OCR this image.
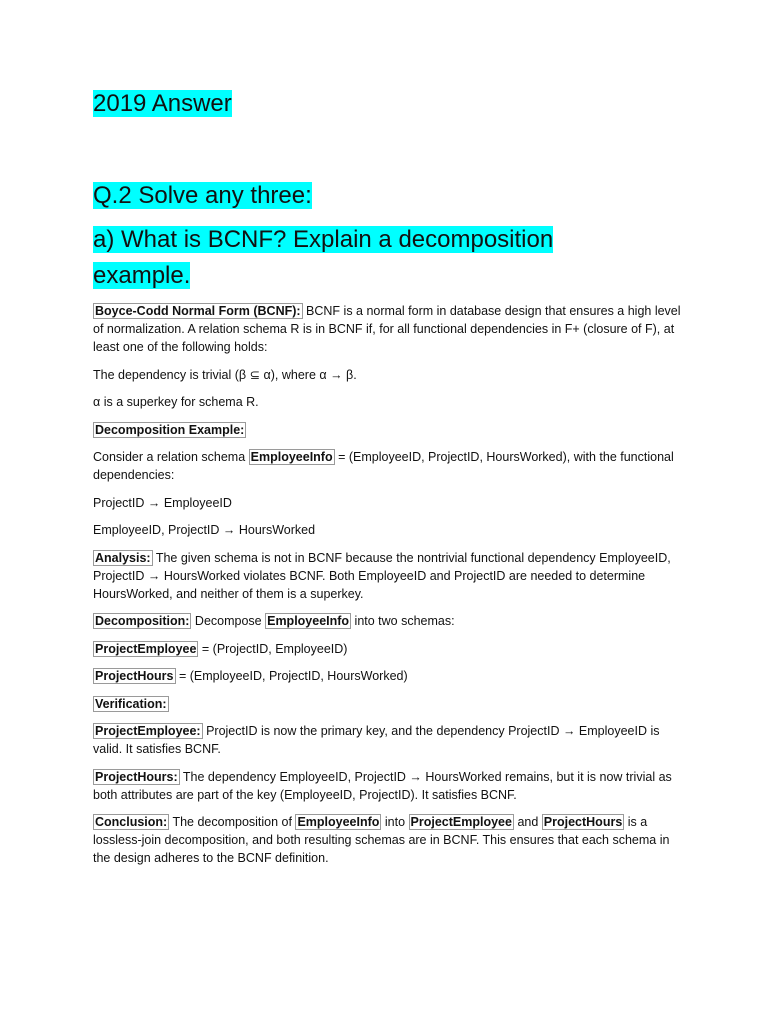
2019 Answer
Q.2 Solve any three:
a) What is BCNF? Explain a decomposition example.

Boyce-Codd Normal Form (BCNF): BCNF is a normal form in database design that ensures a high level of normalization. A relation schema R is in BCNF if, for all functional dependencies in F+ (closure of F), at least one of the following holds:

The dependency is trivial (β ⊆ α), where α → β.

α is a superkey for schema R.

Decomposition Example:

Consider a relation schema EmployeeInfo = (EmployeeID, ProjectID, HoursWorked), with the functional dependencies:

ProjectID → EmployeeID

EmployeeID, ProjectID → HoursWorked

Analysis: The given schema is not in BCNF because the nontrivial functional dependency EmployeeID, ProjectID → HoursWorked violates BCNF. Both EmployeeID and ProjectID are needed to determine HoursWorked, and neither of them is a superkey.

Decomposition: Decompose EmployeeInfo into two schemas:

ProjectEmployee = (ProjectID, EmployeeID)

ProjectHours = (EmployeeID, ProjectID, HoursWorked)

Verification:

ProjectEmployee: ProjectID is now the primary key, and the dependency ProjectID → EmployeeID is valid. It satisfies BCNF.

ProjectHours: The dependency EmployeeID, ProjectID → HoursWorked remains, but it is now trivial as both attributes are part of the key (EmployeeID, ProjectID). It satisfies BCNF.

Conclusion: The decomposition of EmployeeInfo into ProjectEmployee and ProjectHours is a lossless-join decomposition, and both resulting schemas are in BCNF. This ensures that each schema in the design adheres to the BCNF definition.
